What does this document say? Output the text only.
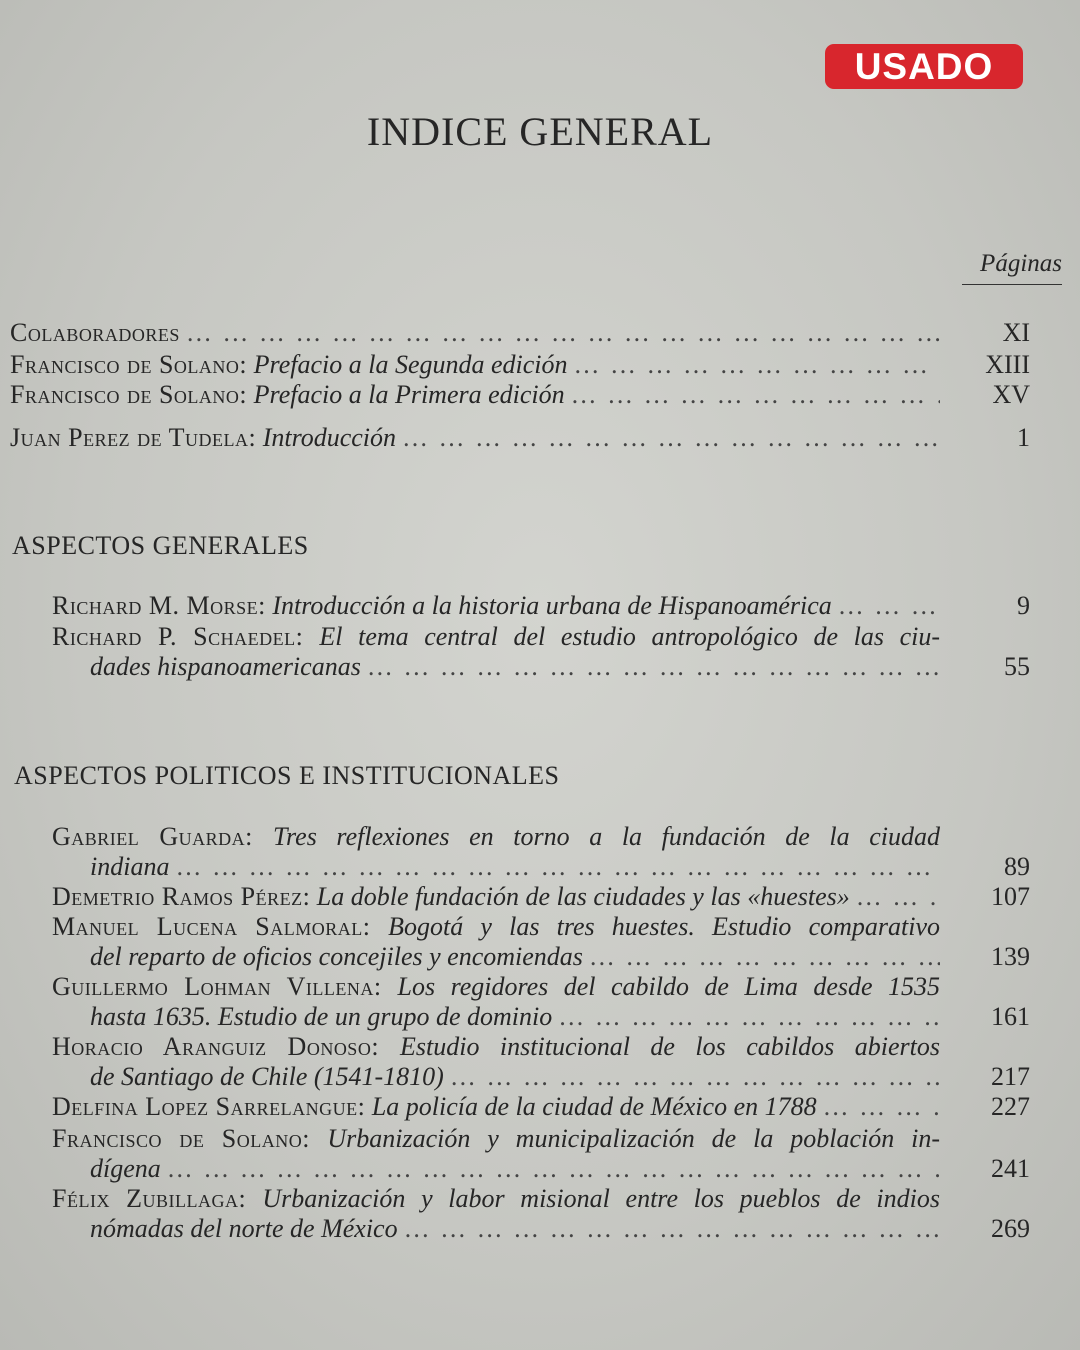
USADO
INDICE GENERAL
Páginas
Colaboradores … … … … … … … … … … … … … … … … … … … … … … … … … … … … … … … … … … … …	XI
Francisco de Solano: Prefacio a la Segunda edición … … … … … … … … … … … … … … … … … … … … … … … … … … … … … … … … … … … …	XIII
Francisco de Solano: Prefacio a la Primera edición … … … … … … … … … … … … … … … … … … … … … … … … … … … … … … … … … … … …	XV
Juan Perez de Tudela: Introducción … … … … … … … … … … … … … … … … … … … … … … … … … … … … … … … … … … … …	1
ASPECTOS GENERALES
Richard M. Morse: Introducción a la historia urbana de Hispanoamérica … … … … … … … … … … … … … … … … … … … … … … … … … … … … … … … … … … … …	9
Richard P. Schaedel: El tema central del estudio antropológico de las ciu-
dades hispanoamericanas … … … … … … … … … … … … … … … … … … … … … … … … … … … … … … … … … … … …	55
ASPECTOS POLITICOS E INSTITUCIONALES
Gabriel Guarda: Tres reflexiones en torno a la fundación de la ciudad
indiana … … … … … … … … … … … … … … … … … … … … … … … … … … … … … … … … … … … …	89
Demetrio Ramos Pérez: La doble fundación de las ciudades y las «huestes» … … … … … … … … … … … … … … … … … … … … … … … … … … … … … … … … … … … …	107
Manuel Lucena Salmoral: Bogotá y las tres huestes. Estudio comparativo
del reparto de oficios concejiles y encomiendas … … … … … … … … … … … … … … … … … … … … … … … … … … … … … … … … … … … …	139
Guillermo Lohman Villena: Los regidores del cabildo de Lima desde 1535
hasta 1635. Estudio de un grupo de dominio … … … … … … … … … … … … … … … … … … … … … … … … … … … … … … … … … … … …	161
Horacio Aranguiz Donoso: Estudio institucional de los cabildos abiertos
de Santiago de Chile (1541-1810) … … … … … … … … … … … … … … … … … … … … … … … … … … … … … … … … … … … …	217
Delfina Lopez Sarrelangue: La policía de la ciudad de México en 1788 … … … … … … … … … … … … … … … … … … … … … … … … … … … … … … … … … … … …	227
Francisco de Solano: Urbanización y municipalización de la población in-
dígena … … … … … … … … … … … … … … … … … … … … … … … … … … … … … … … … … … … …	241
Félix Zubillaga: Urbanización y labor misional entre los pueblos de indios
nómadas del norte de México … … … … … … … … … … … … … … … … … … … … … … … … … … … … … … … … … … … …	269
